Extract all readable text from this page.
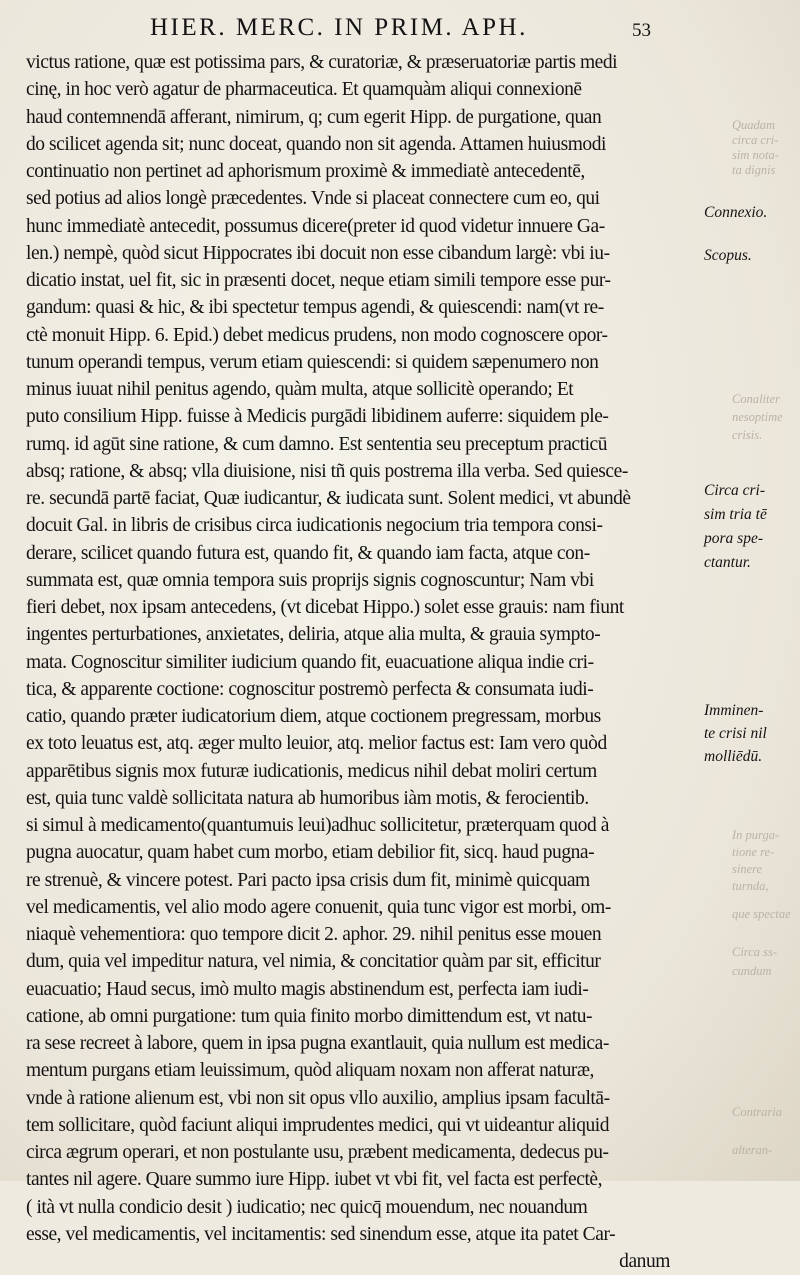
HIER. MERC. IN PRIM. APH.	53
victus ratione, quæ est potissima pars, & curatoriæ, & præseruatoriæ partis medi
cinę, in hoc verò agatur de pharmaceutica. Et quamquàm aliqui connexionē
haud contemnendā afferant, nimirum, q; cum egerit Hipp. de purgatione, quan
do scilicet agenda sit; nunc doceat, quando non sit agenda. Attamen huiusmodi
continuatio non pertinet ad aphorismum proximè & immediatè antecedentē,
sed potius ad alios longè præcedentes. Vnde si placeat connectere cum eo, qui
hunc immediatè antecedit, possumus dicere(preter id quod videtur innuere Ga-
len.) nempè, quòd sicut Hippocrates ibi docuit non esse cibandum largè: vbi iu-
dicatio instat, uel fit, sic in præsenti docet, neque etiam simili tempore esse pur-
gandum: quasi & hic, & ibi spectetur tempus agendi, & quiescendi: nam(vt re-
ctè monuit Hipp. 6. Epid.) debet medicus prudens, non modo cognoscere opor-
tunum operandi tempus, verum etiam quiescendi: si quidem sæpenumero non
minus iuuat nihil penitus agendo, quàm multa, atque sollicitè operando; Et
puto consilium Hipp. fuisse à Medicis purgādi libidinem auferre: siquidem ple-
rumq. id agūt sine ratione, & cum damno. Est sententia seu preceptum practicū
absq; ratione, & absq; vlla diuisione, nisi tñ quis postrema illa verba. Sed quiesce-
re. secundā partē faciat, Quæ iudicantur, & iudicata sunt. Solent medici, vt abundè
docuit Gal. in libris de crisibus circa iudicationis negocium tria tempora consi-
derare, scilicet quando futura est, quando fit, & quando iam facta, atque con-
summata est, quæ omnia tempora suis proprijs signis cognoscuntur; Nam vbi
fieri debet, nox ipsam antecedens, (vt dicebat Hippo.) solet esse grauis: nam fiunt
ingentes perturbationes, anxietates, deliria, atque alia multa, & grauia sympto-
mata. Cognoscitur similiter iudicium quando fit, euacuatione aliqua indie cri-
tica, & apparente coctione: cognoscitur postremò perfecta & consumata iudi-
catio, quando præter iudicatorium diem, atque coctionem pregressam, morbus
ex toto leuatus est, atq. æger multo leuior, atq. melior factus est: Iam vero quòd
apparētibus signis mox futuræ iudicationis, medicus nihil debat moliri certum
est, quia tunc valdè sollicitata natura ab humoribus iàm motis, & ferocientib.
si simul à medicamento(quantumuis leui)adhuc sollicitetur, præterquam quod à
pugna auocatur, quam habet cum morbo, etiam debilior fit, sicq. haud pugna-
re strenuè, & vincere potest. Pari pacto ipsa crisis dum fit, minimè quicquam
vel medicamentis, vel alio modo agere conuenit, quia tunc vigor est morbi, om-
niaquè vehementiora: quo tempore dicit 2. aphor. 29. nihil penitus esse mouen
dum, quia vel impeditur natura, vel nimia, & concitatior quàm par sit, efficitur
euacuatio; Haud secus, imò multo magis abstinendum est, perfecta iam iudi-
catione, ab omni purgatione: tum quia finito morbo dimittendum est, vt natu-
ra sese recreet à labore, quem in ipsa pugna exantlauit, quia nullum est medica-
mentum purgans etiam leuissimum, quòd aliquam noxam non afferat naturæ,
vnde à ratione alienum est, vbi non sit opus vllo auxilio, amplius ipsam facultā-
tem sollicitare, quòd faciunt aliqui imprudentes medici, qui vt uideantur aliquid
circa ægrum operari, et non postulante usu, præbent medicamenta, dedecus pu-
tantes nil agere. Quare summo iure Hipp. iubet vt vbi fit, vel facta est perfectè,
( ità vt nulla condicio desit ) iudicatio; nec quicq̄ mouendum, nec nouandum
esse, vel medicamentis, vel incitamentis: sed sinendum esse, atque ita patet Car-
danum
Quadam
circa cri-
sim nota-
ta dignis
Connexio.
Scopus.
Conaliter
nesoptime
crisis.
Circa cri-
sim tria tē
pora spe-
ctantur.
Imminen-
te crisi nil
molliēdū.
In purga-
tione re-
sinere
turnda,
que spectae
Circa ss-
cundum
Contraria
alteran-
